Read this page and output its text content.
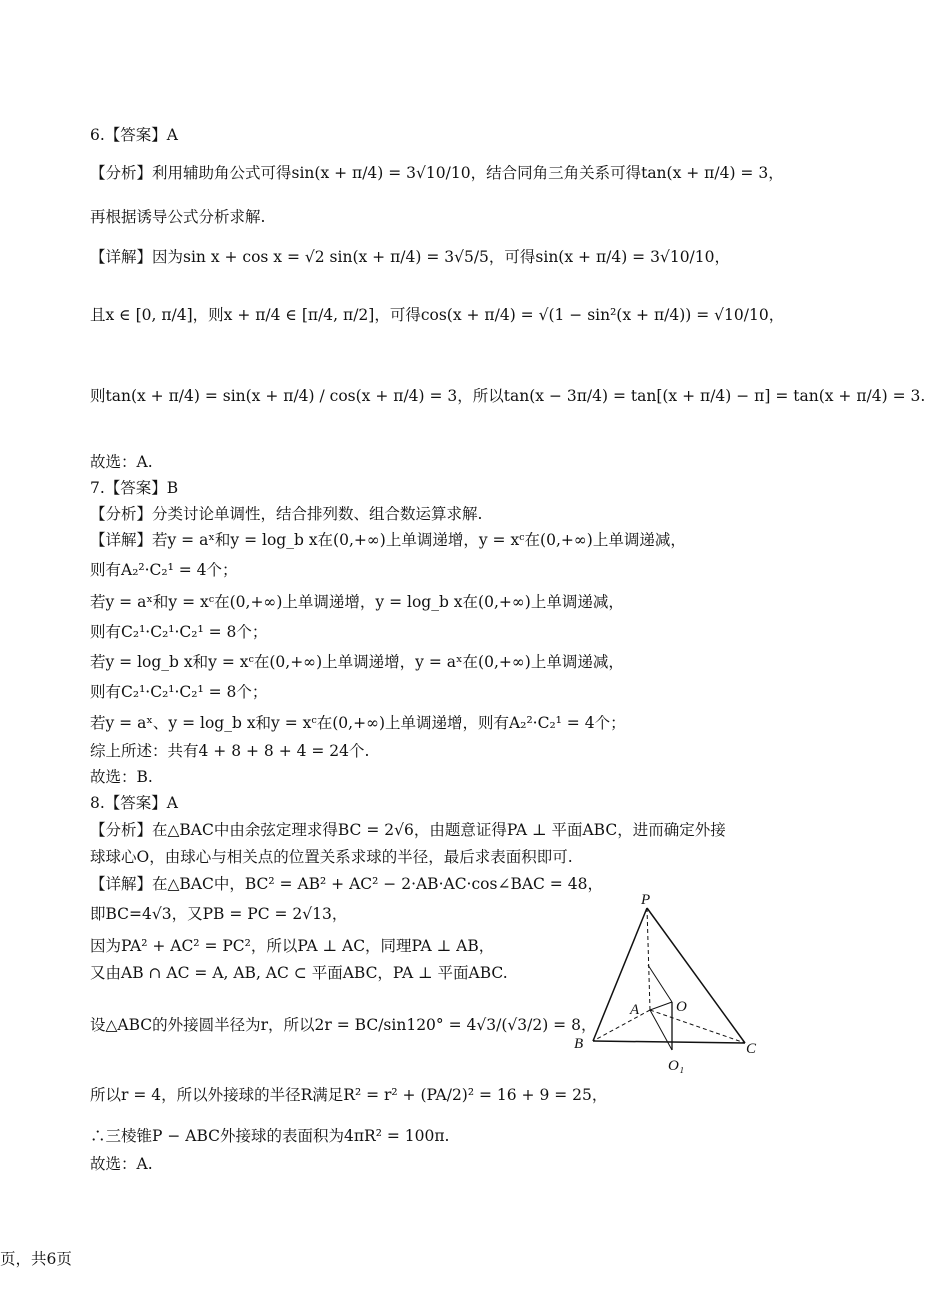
6.【答案】A
【分析】利用辅助角公式可得sin(x + π/4) = 3√10/10，结合同角三角关系可得tan(x + π/4) = 3，
再根据诱导公式分析求解.
【详解】因为sin x + cos x = √2 sin(x + π/4) = 3√5/5，可得sin(x + π/4) = 3√10/10，
且x ∈ [0, π/4]，则x + π/4 ∈ [π/4, π/2]，可得cos(x + π/4) = √(1 − sin²(x + π/4)) = √10/10，
则tan(x + π/4) = sin(x + π/4) / cos(x + π/4) = 3，所以tan(x − 3π/4) = tan[(x + π/4) − π] = tan(x + π/4) = 3.
故选：A.
7.【答案】B
【分析】分类讨论单调性，结合排列数、组合数运算求解.
【详解】若y = aˣ和y = log_b x在(0,+∞)上单调递增，y = xᶜ在(0,+∞)上单调递减，
则有A₂²·C₂¹ = 4个；
若y = aˣ和y = xᶜ在(0,+∞)上单调递增，y = log_b x在(0,+∞)上单调递减，
则有C₂¹·C₂¹·C₂¹ = 8个；
若y = log_b x和y = xᶜ在(0,+∞)上单调递增，y = aˣ在(0,+∞)上单调递减，
则有C₂¹·C₂¹·C₂¹ = 8个；
若y = aˣ、y = log_b x和y = xᶜ在(0,+∞)上单调递增，则有A₂²·C₂¹ = 4个；
综上所述：共有4 + 8 + 8 + 4 = 24个.
故选：B.
8.【答案】A
【分析】在△BAC中由余弦定理求得BC = 2√6，由题意证得PA ⊥ 平面ABC，进而确定外接
球球心O，由球心与相关点的位置关系求球的半径，最后求表面积即可.
【详解】在△BAC中，BC² = AB² + AC² − 2·AB·AC·cos∠BAC = 48，
即BC=4√3，又PB = PC = 2√13，
因为PA² + AC² = PC²，所以PA ⊥ AC，同理PA ⊥ AB，
又由AB ∩ AC = A, AB, AC ⊂ 平面ABC，PA ⊥ 平面ABC.
设△ABC的外接圆半径为r，所以2r = BC/sin120° = 4√3/(√3/2) = 8，
所以r = 4，所以外接球的半径R满足R² = r² + (PA/2)² = 16 + 9 = 25，
∴三棱锥P − ABC外接球的表面积为4πR² = 100π.
故选：A.
P
A O
B	C
O₁
页，共6页
